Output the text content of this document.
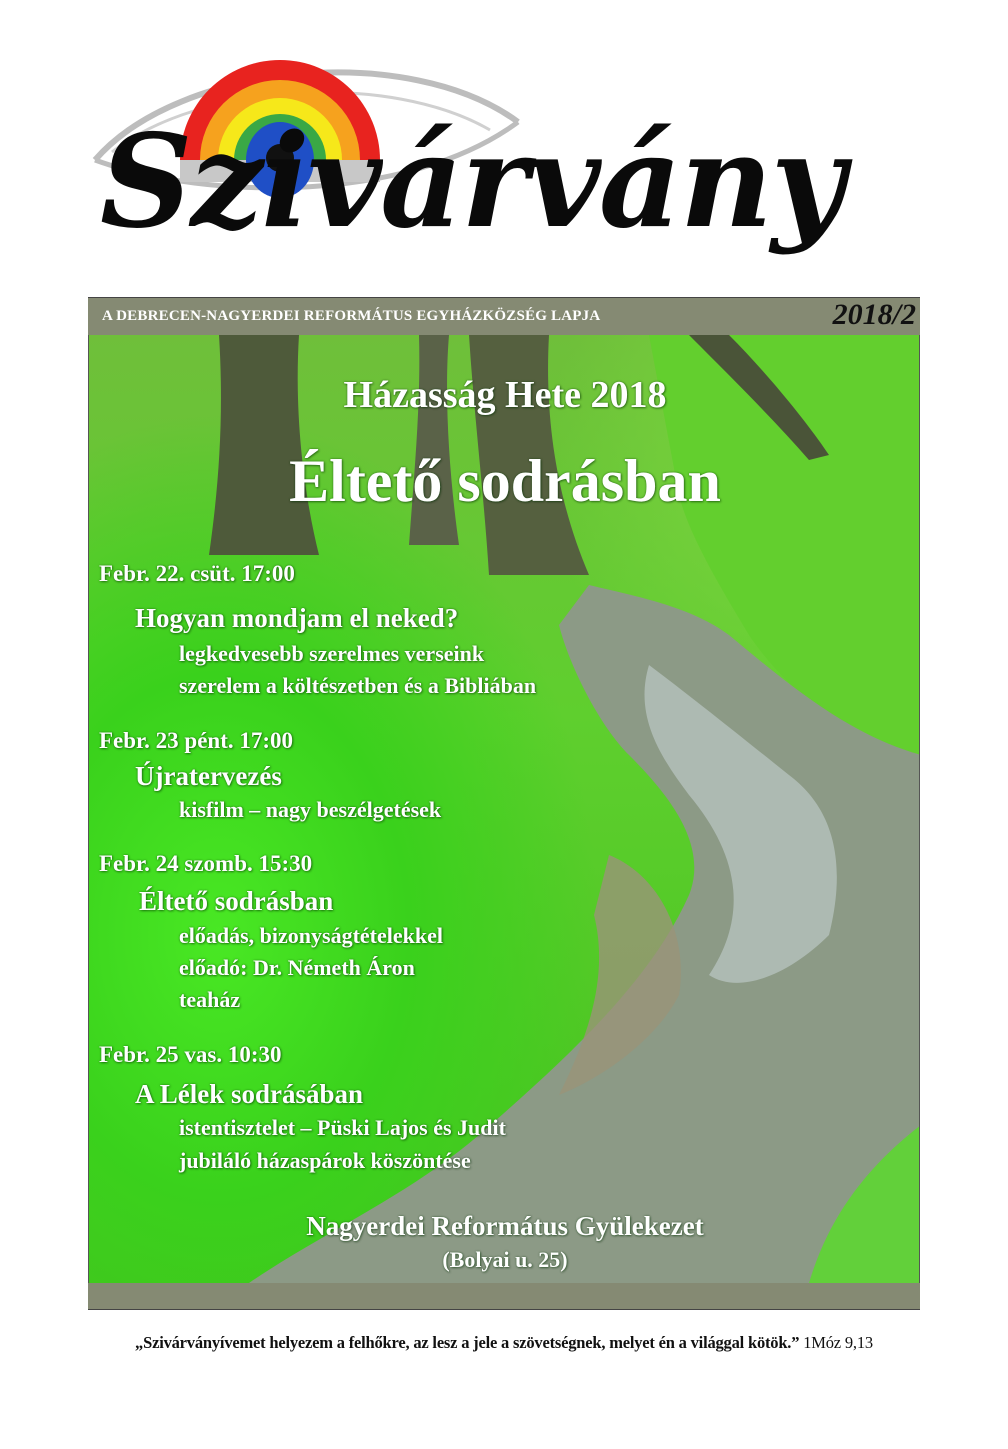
Szivárvány
A DEBRECEN-NAGYERDEI REFORMÁTUS EGYHÁZKÖZSÉG LAPJA	2018/2
Házasság Hete 2018
Éltető sodrásban
Febr. 22. csüt. 17:00
Hogyan mondjam el neked?
legkedvesebb szerelmes verseink
szerelem a költészetben és a Bibliában
Febr. 23 pént. 17:00
Újratervezés
kisfilm – nagy beszélgetések
Febr. 24 szomb. 15:30
Éltető sodrásban
előadás, bizonyságtételekkel
előadó: Dr. Németh Áron
teaház
Febr. 25 vas. 10:30
A Lélek sodrásában
istentisztelet – Püski Lajos és Judit
jubiláló házaspárok köszöntése
Nagyerdei Református Gyülekezet
(Bolyai u. 25)
„Szivárványívemet helyezem a felhőkre, az lesz a jele a szövetségnek, melyet én a világgal kötök.” 1Móz 9,13
